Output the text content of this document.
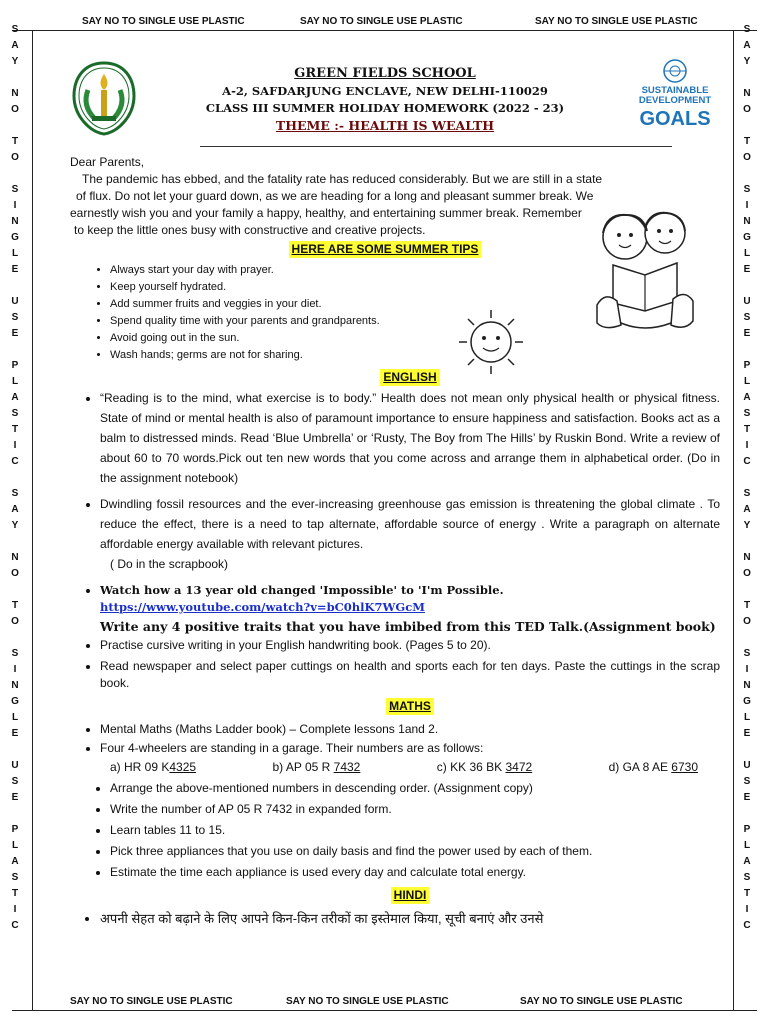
SAY NO TO SINGLE USE PLASTIC	SAY NO TO SINGLE USE PLASTIC	SAY NO TO SINGLE USE PLASTIC
SAY NO TO SINGLE USE PLASTIC	SAY NO TO SINGLE USE PLASTIC	SAY NO TO SINGLE USE PLASTIC
S
A
Y
N
O
T
O
S
I
N
G
L
E
U
S
E
P
L
A
S
T
I
C
S
A
Y
N
O
T
O
S
I
N
G
L
E
U
S
E
P
L
A
S
T
I
C
S
A
Y
N
O
T
O
S
I
N
G
L
E
U
S
E
P
L
A
S
T
I
C
S
A
Y
N
O
T
O
S
I
N
G
L
E
U
S
E
P
L
A
S
T
I
C
GREEN FIELDS SCHOOL
A-2, SAFDARJUNG ENCLAVE, NEW DELHI-110029
CLASS III SUMMER HOLIDAY HOMEWORK (2022 - 23)
THEME :- HEALTH IS WEALTH
SUSTAINABLE
DEVELOPMENT
GOALS

Dear Parents,

The pandemic has ebbed, and the fatality rate has reduced considerably. But we are still in a state

of flux. Do not let your guard down, as we are heading for a long and pleasant summer break. We

earnestly wish you and your family a happy, healthy, and entertaining summer break. Remember

to keep the little ones busy with constructive and creative projects.

HERE ARE SOME SUMMER TIPS
• Always start your day with prayer.
• Keep yourself hydrated.
• Add summer fruits and veggies in your diet.
• Spend quality time with your parents and grandparents.
• Avoid going out in the sun.
• Wash hands; germs are not for sharing.
ENGLISH
• “Reading is to the mind, what exercise is to body.” Health does not mean only physical health or physical fitness. State of mind or mental health is also of paramount importance to ensure happiness and satisfaction. Books act as a balm to distressed minds. Read ‘Blue Umbrella’ or ‘Rusty, The Boy from The Hills’ by Ruskin Bond. Write a review of about 60 to 70 words.Pick out ten new words that you come across and arrange them in alphabetical order. (Do in the assignment notebook)
• Dwindling fossil resources and the ever-increasing greenhouse gas emission is threatening the global climate . To reduce the effect, there is a need to tap alternate, affordable source of energy . Write a paragraph on alternate affordable energy available with relevant pictures.
( Do in the scrapbook)
• Watch how a 13 year old changed 'Impossible' to 'I'm Possible.
https://www.youtube.com/watch?v=bC0hlK7WGcM

Write any 4 positive traits that you have imbibed from this TED Talk.(Assignment book)

• Practise cursive writing in your English handwriting book. (Pages 5 to 20).
• Read newspaper and select paper cuttings on health and sports each for ten days. Paste the cuttings in the scrap book.
MATHS
• Mental Maths (Maths Ladder book) – Complete lessons 1and 2.
• Four 4-wheelers are standing in a garage. Their numbers are as follows:
a) HR 09 K4325	b) AP 05 R 7432	c) KK 36 BK 3472	d) GA 8 AE 6730
• Arrange the above-mentioned numbers in descending order. (Assignment copy)
• Write the number of AP 05 R 7432 in expanded form.
• Learn tables 11 to 15.
• Pick three appliances that you use on daily basis and find the power used by each of them.
• Estimate the time each appliance is used every day and calculate total energy.
HINDI
• अपनी सेहत को बढ़ाने के लिए आपने किन-किन तरीकों का इस्तेमाल किया, सूची बनाएं और उनसे
